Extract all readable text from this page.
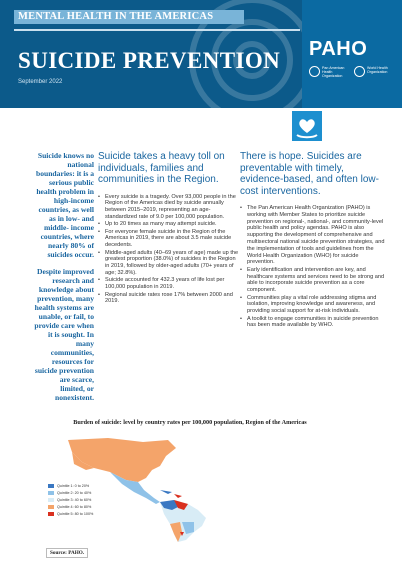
MENTAL HEALTH IN THE AMERICAS
SUICIDE PREVENTION
September 2022
PAHO
Pan American Health Organization
World Health Organization

Suicide knows no national boundaries: it is a serious public health problem in high-income countries, as well as in low- and middle- income countries, where nearly 80% of suicides occur.

Despite improved research and knowledge about prevention, many health systems are unable, or fail, to provide care when it is sought. In many communities, resources for suicide prevention are scarce, limited, or nonexistent.

Suicide takes a heavy toll on individuals, families and communities in the Region.
• Every suicide is a tragedy. Over 93,000 people in the Region of the Americas died by suicide annually between 2015–2019, representing an age-standardized rate of 9.0 per 100,000 population.
• Up to 20 times as many may attempt suicide.
• For everyone female suicide in the Region of the Americas in 2019, there are about 3.5 male suicide decedents.
• Middle-aged adults (40–69 years of age) made up the greatest proportion (38.0%) of suicides in the Region in 2019, followed by older-aged adults (70+ years of age; 32.8%).
• Suicide accounted for 432.3 years of life lost per 100,000 population in 2019.
• Regional suicide rates rose 17% between 2000 and 2019.
There is hope. Suicides are preventable with timely, evidence-based, and often low-cost interventions.
• The Pan American Health Organization (PAHO) is working with Member States to prioritize suicide prevention on regional-, national-, and community-level public health and policy agendas. PAHO is also supporting the development of comprehensive and multisectoral national suicide prevention strategies, and the implementation of tools and guidelines from the World Health Organization (WHO) for suicide prevention.
• Early identification and intervention are key, and healthcare systems and services need to be strong and able to incorporate suicide prevention as a core component.
• Communities play a vital role addressing stigma and isolation, improving knowledge and awareness, and providing social support for at-risk individuals.
• A toolkit to engage communities in suicide prevention has been made available by WHO.
Burden of suicide: level by country rates per 100,000 population, Region of the Americas
Quintile 1: 0 to 20%
Quintile 2: 20 to 40%
Quintile 3: 40 to 60%
Quintile 4: 60 to 80%
Quintile 5: 80 to 100%
Source: PAHO.
